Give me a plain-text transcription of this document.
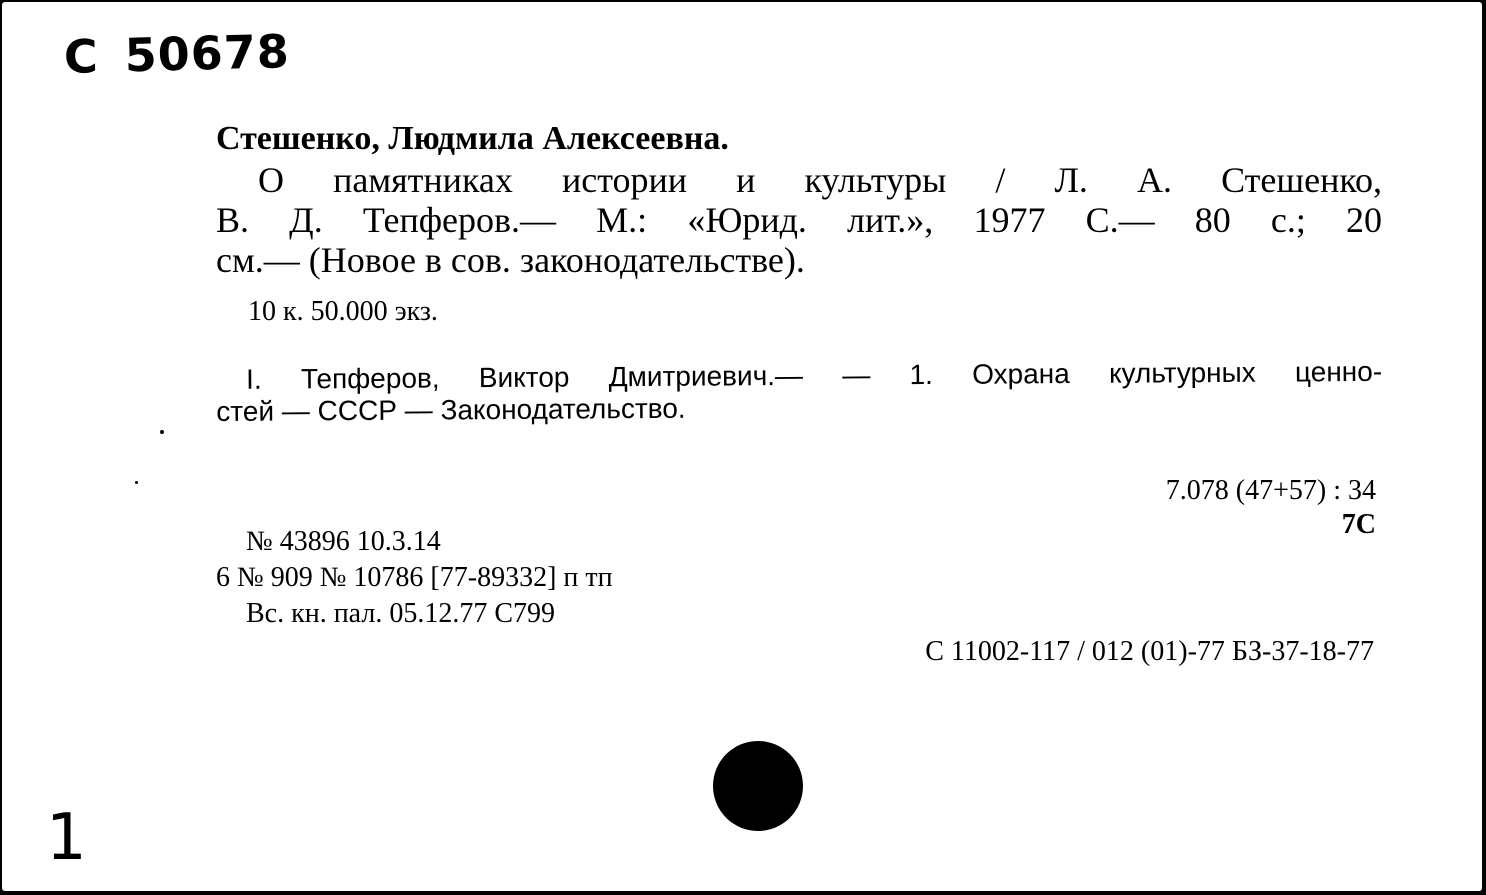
С 50678
Стешенко, Людмила Алексеевна.
О памятниках истории и культуры / Л. А. Стешенко,
В. Д. Тепферов.— М.: «Юрид. лит.», 1977 С.— 80 с.; 20
см.— (Новое в сов. законодательстве).
10 к. 50.000 экз.
I. Тепферов, Виктор Дмитриевич.— — 1. Охрана культурных ценно-
стей — СССР — Законодательство.
7.078 (47+57) : 34
7С
№ 43896 10.3.14
6 № 909 № 10786 [77-89332] п тп
Вс. кн. пал. 05.12.77 С799
С 11002-117 / 012 (01)-77 БЗ-37-18-77
1
